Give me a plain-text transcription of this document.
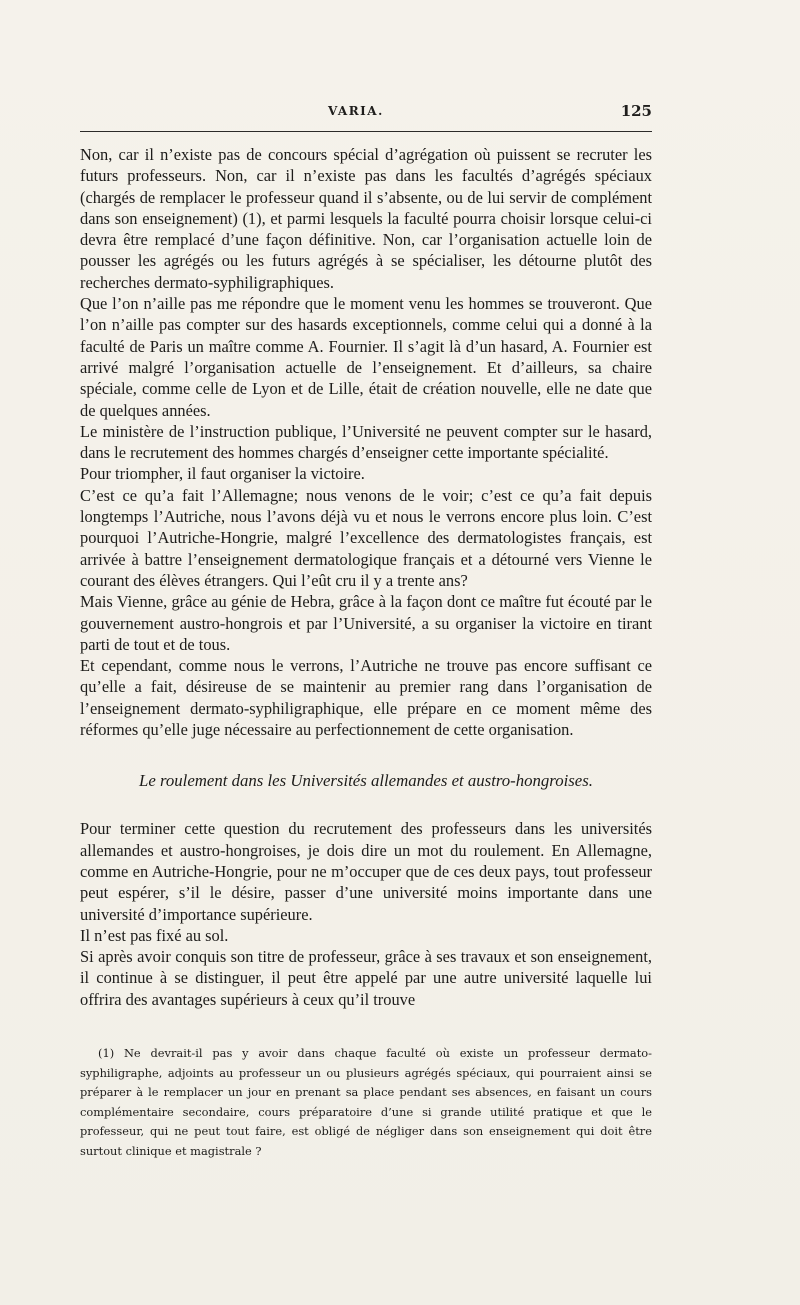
VARIA.	125

Non, car il n’existe pas de concours spécial d’agrégation où puissent se recruter les futurs professeurs. Non, car il n’existe pas dans les facultés d’agrégés spéciaux (chargés de remplacer le professeur quand il s’absente, ou de lui servir de complément dans son enseignement) (1), et parmi lesquels la faculté pourra choisir lorsque celui-ci devra être remplacé d’une façon définitive. Non, car l’organisation actuelle loin de pousser les agrégés ou les futurs agrégés à se spécialiser, les détourne plutôt des recherches dermato-syphiligraphiques.

Que l’on n’aille pas me répondre que le moment venu les hommes se trouveront. Que l’on n’aille pas compter sur des hasards exceptionnels, comme celui qui a donné à la faculté de Paris un maître comme A. Fournier. Il s’agit là d’un hasard, A. Fournier est arrivé malgré l’organisation actuelle de l’enseignement. Et d’ailleurs, sa chaire spéciale, comme celle de Lyon et de Lille, était de création nouvelle, elle ne date que de quelques années.

Le ministère de l’instruction publique, l’Université ne peuvent compter sur le hasard, dans le recrutement des hommes chargés d’enseigner cette importante spécialité.

Pour triompher, il faut organiser la victoire.

C’est ce qu’a fait l’Allemagne; nous venons de le voir; c’est ce qu’a fait depuis longtemps l’Autriche, nous l’avons déjà vu et nous le verrons encore plus loin. C’est pourquoi l’Autriche-Hongrie, malgré l’excellence des dermatologistes français, est arrivée à battre l’enseignement dermatologique français et a détourné vers Vienne le courant des élèves étrangers. Qui l’eût cru il y a trente ans?

Mais Vienne, grâce au génie de Hebra, grâce à la façon dont ce maître fut écouté par le gouvernement austro-hongrois et par l’Université, a su organiser la victoire en tirant parti de tout et de tous.

Et cependant, comme nous le verrons, l’Autriche ne trouve pas encore suffisant ce qu’elle a fait, désireuse de se maintenir au premier rang dans l’organisation de l’enseignement dermato-syphiligraphique, elle prépare en ce moment même des réformes qu’elle juge nécessaire au perfectionnement de cette organisation.

Le roulement dans les Universités allemandes et austro-hongroises.

Pour terminer cette question du recrutement des professeurs dans les universités allemandes et austro-hongroises, je dois dire un mot du roulement. En Allemagne, comme en Autriche-Hongrie, pour ne m’occuper que de ces deux pays, tout professeur peut espérer, s’il le désire, passer d’une université moins importante dans une université d’importance supérieure.

Il n’est pas fixé au sol.

Si après avoir conquis son titre de professeur, grâce à ses travaux et son enseignement, il continue à se distinguer, il peut être appelé par une autre université laquelle lui offrira des avantages supérieurs à ceux qu’il trouve

(1) Ne devrait-il pas y avoir dans chaque faculté où existe un professeur dermato-syphiligraphe, adjoints au professeur un ou plusieurs agrégés spéciaux, qui pourraient ainsi se préparer à le remplacer un jour en prenant sa place pendant ses absences, en faisant un cours complémentaire secondaire, cours préparatoire d’une si grande utilité pratique et que le professeur, qui ne peut tout faire, est obligé de négliger dans son enseignement qui doit être surtout clinique et magistrale ?
